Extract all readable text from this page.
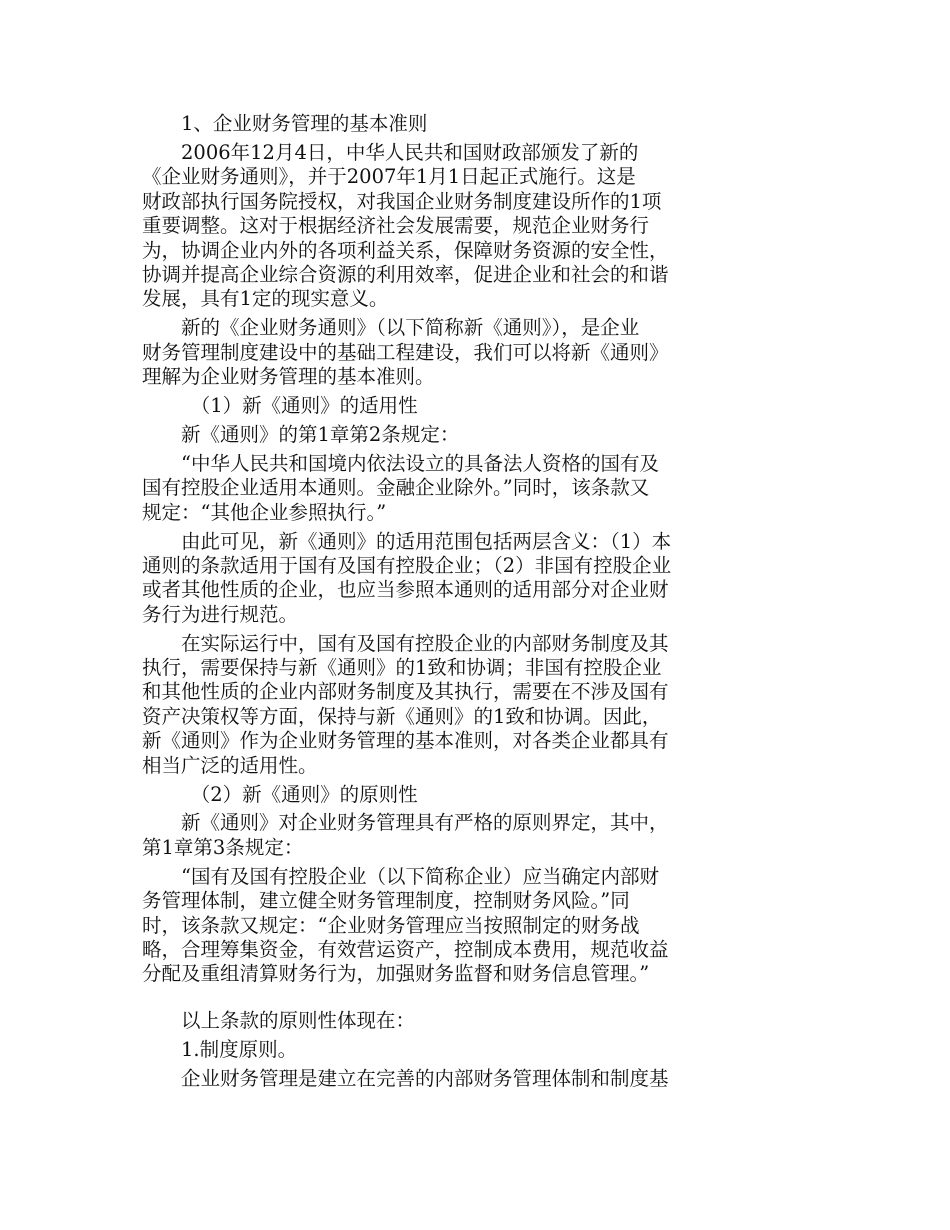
1、企业财务管理的基本准则
2006年12月4日，中华人民共和国财政部颁发了新的
《企业财务通则》，并于2007年1月1日起正式施行。这是
财政部执行国务院授权，对我国企业财务制度建设所作的1项
重要调整。这对于根据经济社会发展需要，规范企业财务行
为，协调企业内外的各项利益关系，保障财务资源的安全性，
协调并提高企业综合资源的利用效率，促进企业和社会的和谐
发展，具有1定的现实意义。
新的《企业财务通则》（以下简称新《通则》），是企业
财务管理制度建设中的基础工程建设，我们可以将新《通则》
理解为企业财务管理的基本准则。
（1）新《通则》的适用性
新《通则》的第1章第2条规定：
“中华人民共和国境内依法设立的具备法人资格的国有及
国有控股企业适用本通则。金融企业除外。”同时，该条款又
规定：“其他企业参照执行。”
由此可见，新《通则》的适用范围包括两层含义：（1）本
通则的条款适用于国有及国有控股企业；（2）非国有控股企业
或者其他性质的企业，也应当参照本通则的适用部分对企业财
务行为进行规范。
在实际运行中，国有及国有控股企业的内部财务制度及其
执行，需要保持与新《通则》的1致和协调；非国有控股企业
和其他性质的企业内部财务制度及其执行，需要在不涉及国有
资产决策权等方面，保持与新《通则》的1致和协调。因此，
新《通则》作为企业财务管理的基本准则，对各类企业都具有
相当广泛的适用性。
（2）新《通则》的原则性
新《通则》对企业财务管理具有严格的原则界定，其中，
第1章第3条规定：
“国有及国有控股企业（以下简称企业）应当确定内部财
务管理体制，建立健全财务管理制度，控制财务风险。”同
时，该条款又规定：“企业财务管理应当按照制定的财务战
略，合理筹集资金，有效营运资产，控制成本费用，规范收益
分配及重组清算财务行为，加强财务监督和财务信息管理。”
以上条款的原则性体现在：
1.制度原则。
企业财务管理是建立在完善的内部财务管理体制和制度基
